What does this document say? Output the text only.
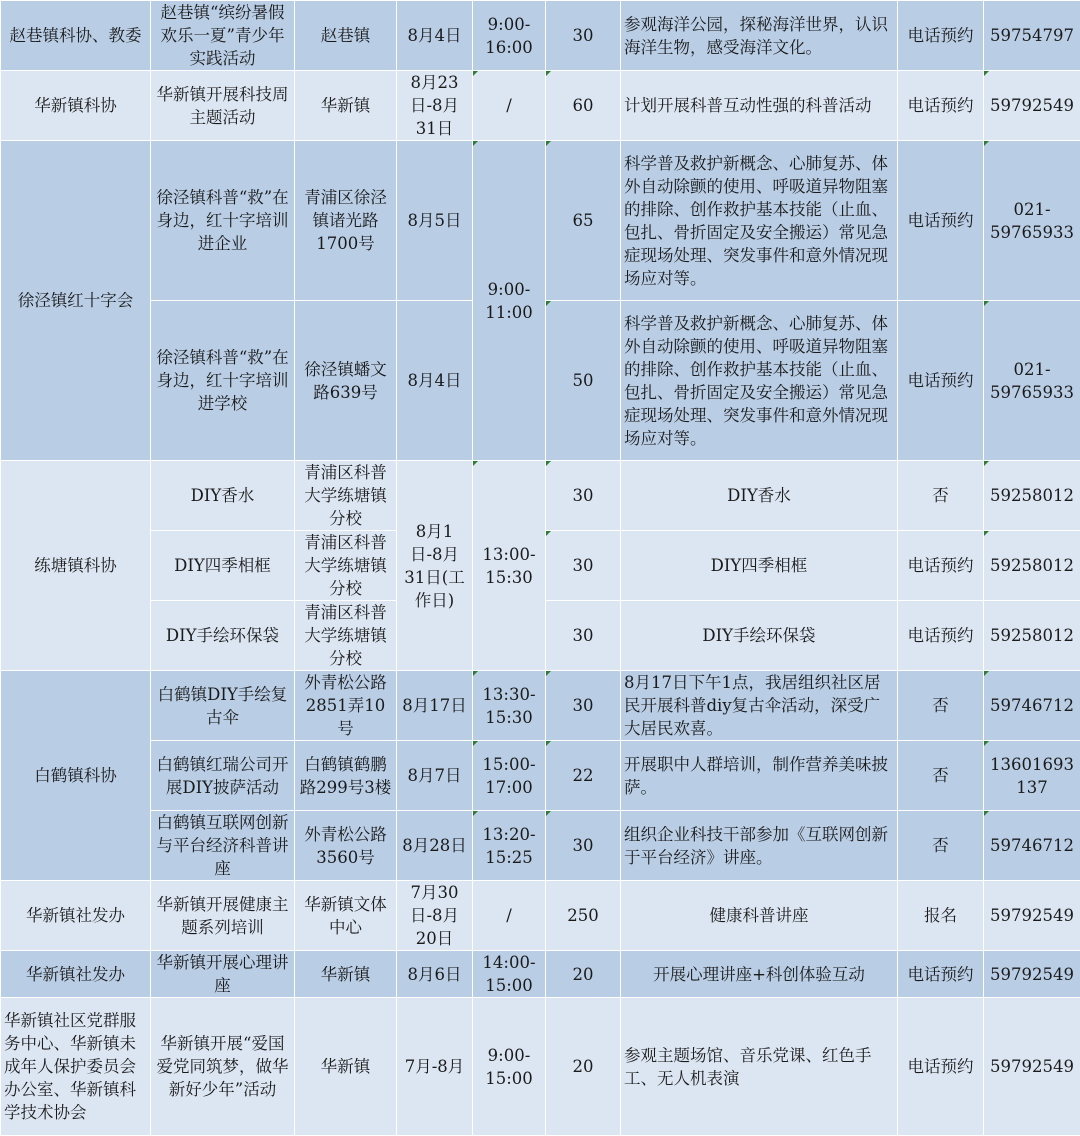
赵巷镇科协、教委	赵巷镇“缤纷暑假欢乐一夏”青少年实践活动	赵巷镇	8月4日	9:00-16:00	30	参观海洋公园，探秘海洋世界，认识海洋生物，感受海洋文化。	电话预约	59754797
华新镇科协	华新镇开展科技周主题活动	华新镇	8月23日-8月31日	/	60	计划开展科普互动性强的科普活动	电话预约	59792549
徐泾镇红十字会	徐泾镇科普“救”在身边，红十字培训进企业	青浦区徐泾镇诸光路1700号	8月5日	9:00-11:00	65	科学普及救护新概念、心肺复苏、体外自动除颤的使用、呼吸道异物阻塞的排除、创作救护基本技能（止血、包扎、骨折固定及安全搬运）常见急症现场处理、突发事件和意外情况现场应对等。	电话预约	021-59765933
	徐泾镇科普“救”在身边，红十字培训进学校	徐泾镇蟠文路639号	8月4日		50	科学普及救护新概念、心肺复苏、体外自动除颤的使用、呼吸道异物阻塞的排除、创作救护基本技能（止血、包扎、骨折固定及安全搬运）常见急症现场处理、突发事件和意外情况现场应对等。	电话预约	021-59765933
练塘镇科协	DIY香水	青浦区科普大学练塘镇分校	8月1日-8月31日(工作日)	13:00-15:30	30	DIY香水	否	59258012
	DIY四季相框	青浦区科普大学练塘镇分校			30	DIY四季相框	电话预约	59258012
	DIY手绘环保袋	青浦区科普大学练塘镇分校			30	DIY手绘环保袋	电话预约	59258012
白鹤镇科协	白鹤镇DIY手绘复古伞	外青松公路2851弄10号	8月17日	13:30-15:30	30	8月17日下午1点，我居组织社区居民开展科普diy复古伞活动，深受广大居民欢喜。	否	59746712
	白鹤镇红瑞公司开展DIY披萨活动	白鹤镇鹤鹏路299号3楼	8月7日	15:00-17:00	22	开展职中人群培训，制作营养美味披萨。	否	13601693137
	白鹤镇互联网创新与平台经济科普讲座	外青松公路3560号	8月28日	13:20-15:25	30	组织企业科技干部参加《互联网创新于平台经济》讲座。	否	59746712
华新镇社发办	华新镇开展健康主题系列培训	华新镇文体中心	7月30日-8月20日	/	250	健康科普讲座	报名	59792549
华新镇社发办	华新镇开展心理讲座	华新镇	8月6日	14:00-15:00	20	开展心理讲座+科创体验互动	电话预约	59792549
华新镇社区党群服务中心、华新镇未成年人保护委员会办公室、华新镇科学技术协会	华新镇开展“爱国爱党同筑梦，做华新好少年”活动	华新镇	7月-8月	9:00-15:00	20	参观主题场馆、音乐党课、红色手工、无人机表演	电话预约	59792549
